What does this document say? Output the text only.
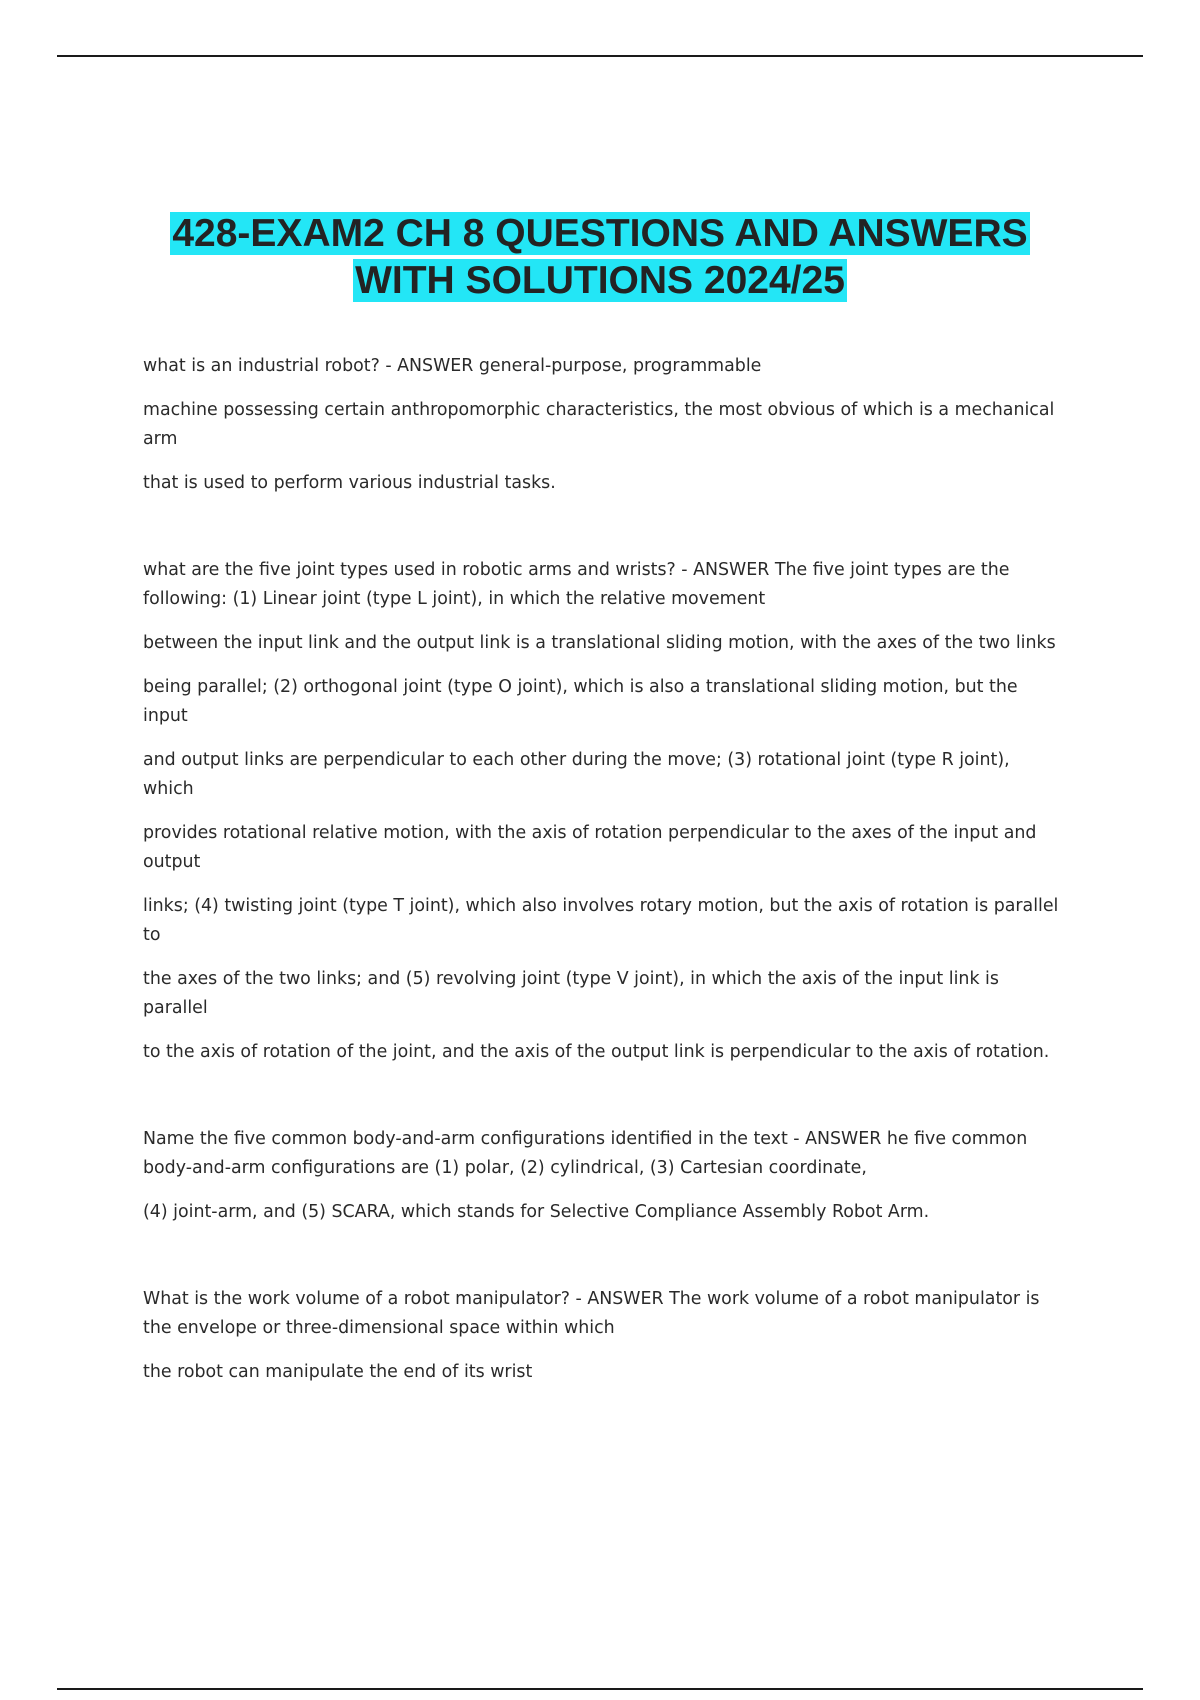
428-EXAM2 CH 8 QUESTIONS AND ANSWERS
WITH SOLUTIONS 2024/25

what is an industrial robot? - ANSWER general-purpose, programmable

machine possessing certain anthropomorphic characteristics, the most obvious of which is a mechanical arm

that is used to perform various industrial tasks.

what are the five joint types used in robotic arms and wrists? - ANSWER The five joint types are the following: (1) Linear joint (type L joint), in which the relative movement

between the input link and the output link is a translational sliding motion, with the axes of the two links

being parallel; (2) orthogonal joint (type O joint), which is also a translational sliding motion, but the input

and output links are perpendicular to each other during the move; (3) rotational joint (type R joint), which

provides rotational relative motion, with the axis of rotation perpendicular to the axes of the input and output

links; (4) twisting joint (type T joint), which also involves rotary motion, but the axis of rotation is parallel to

the axes of the two links; and (5) revolving joint (type V joint), in which the axis of the input link is parallel

to the axis of rotation of the joint, and the axis of the output link is perpendicular to the axis of rotation.

Name the five common body-and-arm configurations identified in the text - ANSWER he five common body-and-arm configurations are (1) polar, (2) cylindrical, (3) Cartesian coordinate,

(4) joint-arm, and (5) SCARA, which stands for Selective Compliance Assembly Robot Arm.

What is the work volume of a robot manipulator? - ANSWER The work volume of a robot manipulator is the envelope or three-dimensional space within which

the robot can manipulate the end of its wrist
